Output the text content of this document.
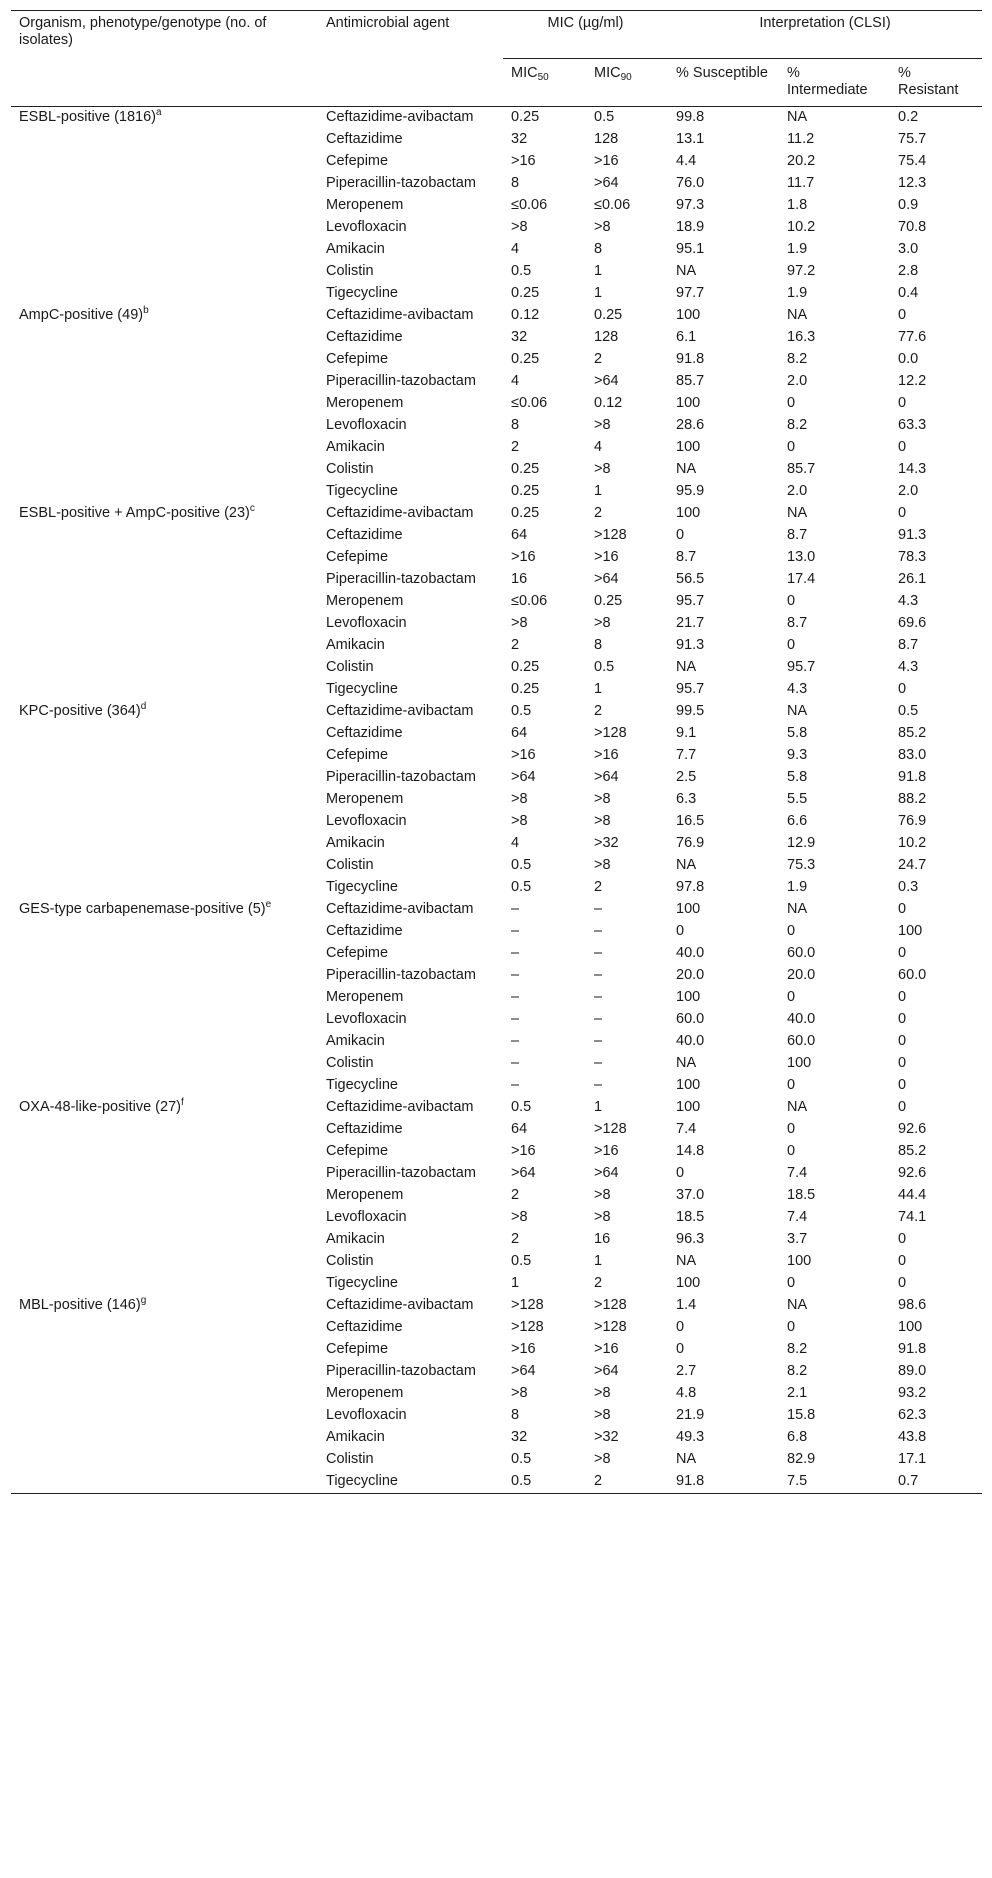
Organism, phenotype/genotype (no. of isolates)	Antimicrobial agent	MIC (µg/ml)		Interpretation (CLSI)		
		$MIC_{50}$	$MIC_{90}$	% Susceptible	% Intermediate	% Resistant
ESBL-positive $(1816)^a$	Ceftazidime-avibactam	0.25	0.5	99.8	NA	0.2
	Ceftazidime	32	128	13.1	11.2	75.7
	Cefepime	>16	>16	4.4	20.2	75.4
	Piperacillin-tazobactam	8	>64	76.0	11.7	12.3
	Meropenem	≤0.06	≤0.06	97.3	1.8	0.9
	Levofloxacin	>8	>8	18.9	10.2	70.8
	Amikacin	4	8	95.1	1.9	3.0
	Colistin	0.5	1	NA	97.2	2.8
	Tigecycline	0.25	1	97.7	1.9	0.4
AmpC-positive $(49)^b$	Ceftazidime-avibactam	0.12	0.25	100	NA	0
	Ceftazidime	32	128	6.1	16.3	77.6
	Cefepime	0.25	2	91.8	8.2	0.0
	Piperacillin-tazobactam	4	>64	85.7	2.0	12.2
	Meropenem	≤0.06	0.12	100	0	0
	Levofloxacin	8	>8	28.6	8.2	63.3
	Amikacin	2	4	100	0	0
	Colistin	0.25	>8	NA	85.7	14.3
	Tigecycline	0.25	1	95.9	2.0	2.0
ESBL-positive + AmpC-positive $(23)^c$	Ceftazidime-avibactam	0.25	2	100	NA	0
	Ceftazidime	64	>128	0	8.7	91.3
	Cefepime	>16	>16	8.7	13.0	78.3
	Piperacillin-tazobactam	16	>64	56.5	17.4	26.1
	Meropenem	≤0.06	0.25	95.7	0	4.3
	Levofloxacin	>8	>8	21.7	8.7	69.6
	Amikacin	2	8	91.3	0	8.7
	Colistin	0.25	0.5	NA	95.7	4.3
	Tigecycline	0.25	1	95.7	4.3	0
KPC-positive $(364)^d$	Ceftazidime-avibactam	0.5	2	99.5	NA	0.5
	Ceftazidime	64	>128	9.1	5.8	85.2
	Cefepime	>16	>16	7.7	9.3	83.0
	Piperacillin-tazobactam	>64	>64	2.5	5.8	91.8
	Meropenem	>8	>8	6.3	5.5	88.2
	Levofloxacin	>8	>8	16.5	6.6	76.9
	Amikacin	4	>32	76.9	12.9	10.2
	Colistin	0.5	>8	NA	75.3	24.7
	Tigecycline	0.5	2	97.8	1.9	0.3
GES-type carbapenemase-positive $(5)^e$	Ceftazidime-avibactam	–	–	100	NA	0
	Ceftazidime	–	–	0	0	100
	Cefepime	–	–	40.0	60.0	0
	Piperacillin-tazobactam	–	–	20.0	20.0	60.0
	Meropenem	–	–	100	0	0
	Levofloxacin	–	–	60.0	40.0	0
	Amikacin	–	–	40.0	60.0	0
	Colistin	–	–	NA	100	0
	Tigecycline	–	–	100	0	0
OXA-48-like-positive $(27)^f$	Ceftazidime-avibactam	0.5	1	100	NA	0
	Ceftazidime	64	>128	7.4	0	92.6
	Cefepime	>16	>16	14.8	0	85.2
	Piperacillin-tazobactam	>64	>64	0	7.4	92.6
	Meropenem	2	>8	37.0	18.5	44.4
	Levofloxacin	>8	>8	18.5	7.4	74.1
	Amikacin	2	16	96.3	3.7	0
	Colistin	0.5	1	NA	100	0
	Tigecycline	1	2	100	0	0
MBL-positive $(146)^g$	Ceftazidime-avibactam	>128	>128	1.4	NA	98.6
	Ceftazidime	>128	>128	0	0	100
	Cefepime	>16	>16	0	8.2	91.8
	Piperacillin-tazobactam	>64	>64	2.7	8.2	89.0
	Meropenem	>8	>8	4.8	2.1	93.2
	Levofloxacin	8	>8	21.9	15.8	62.3
	Amikacin	32	>32	49.3	6.8	43.8
	Colistin	0.5	>8	NA	82.9	17.1
	Tigecycline	0.5	2	91.8	7.5	0.7
